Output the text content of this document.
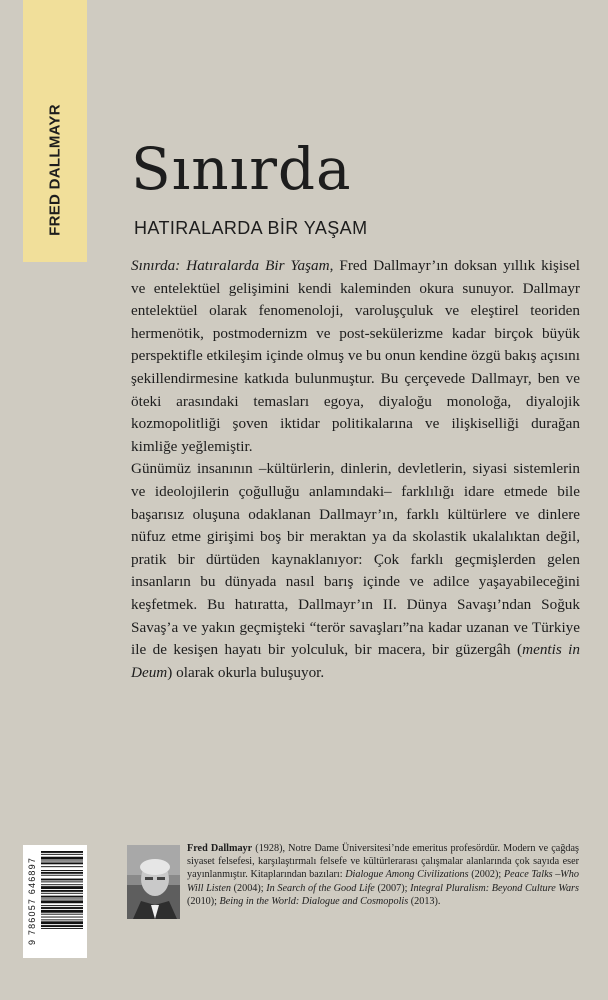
FRED DALLMAYR Sınırda
HATIRALARDA BİR YAŞAM

Sınırda: Hatıralarda Bir Yaşam, Fred Dallmayr’ın doksan yıllık kişisel ve entelektüel gelişimini kendi kaleminden okura sunuyor. Dallmayr entelektüel olarak fenomenoloji, varoluşçuluk ve eleştirel teoriden hermenötik, postmodernizm ve post-sekülerizme kadar birçok büyük perspektifle etkileşim içinde olmuş ve bu onun kendine özgü bakış açısını şekillendirmesine katkıda bulunmuştur. Bu çerçevede Dallmayr, ben ve öteki arasındaki temasları egoya, diyaloğu monoloğa, diyalojik kozmopolitliği şoven iktidar politikalarına ve ilişkiselliği durağan kimliğe yeğlemiştir.

Günümüz insanının –kültürlerin, dinlerin, devletlerin, siyasi sistemlerin ve ideolojilerin çoğulluğu anlamındaki– farklılığı idare etmede bile başarısız oluşuna odaklanan Dallmayr’ın, farklı kültürlere ve dinlere nüfuz etme girişimi boş bir meraktan ya da skolastik ukalalıktan değil, pratik bir dürtüden kaynaklanıyor: Çok farklı geçmişlerden gelen insanların bu dünyada nasıl barış içinde ve adilce yaşayabileceğini keşfetmek. Bu hatıratta, Dallmayr’ın II. Dünya Savaşı’ndan Soğuk Savaş’a ve yakın geçmişteki “terör savaşları”na kadar uzanan ve Türkiye ile de kesişen hayatı bir yolculuk, bir macera, bir güzergâh (mentis in Deum) olarak okurla buluşuyor.

Fred Dallmayr (1928), Notre Dame Üniversitesi’nde emeritus profesördür. Modern ve çağdaş siyaset felsefesi, karşılaştırmalı felsefe ve kültürlerarası çalışmalar alanlarında çok sayıda eser yayınlanmıştır. Kitaplarından bazıları: Dialogue Among Civilizations (2002); Peace Talks –Who Will Listen (2004); In Search of the Good Life (2007); Integral Pluralism: Beyond Culture Wars (2010); Being in the World: Dialogue and Cosmopolis (2013).
9 786057 646897
